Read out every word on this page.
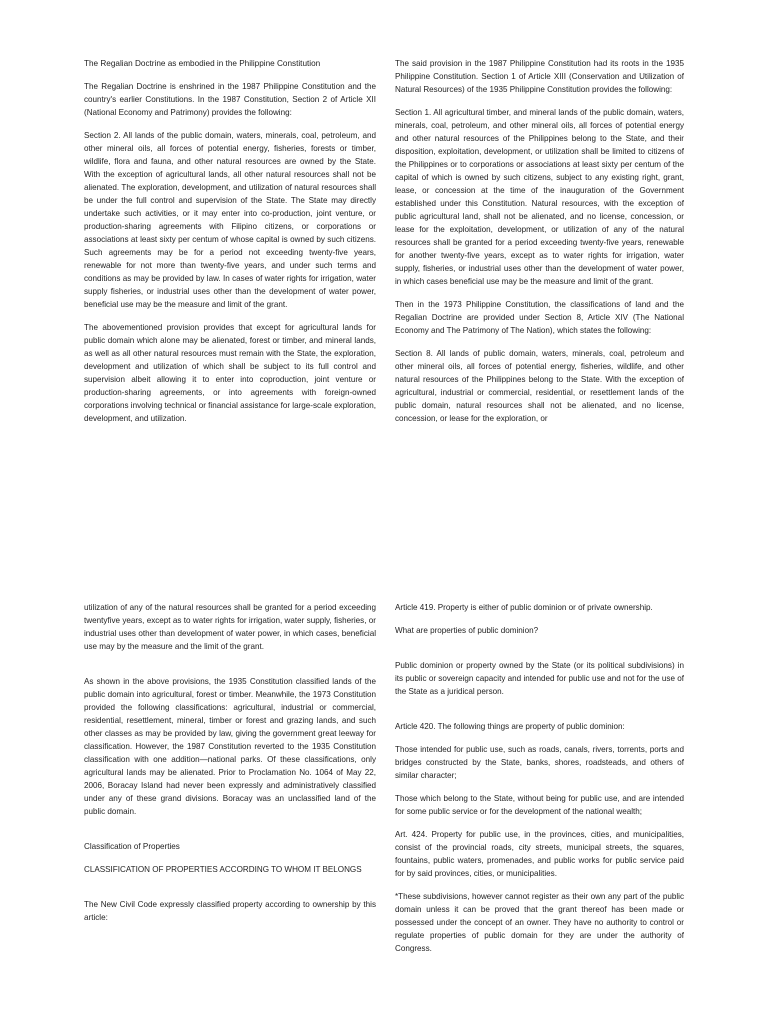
The Regalian Doctrine as embodied in the Philippine Constitution

The Regalian Doctrine is enshrined in the 1987 Philippine Constitution and the country's earlier Constitutions. In the 1987 Constitution, Section 2 of Article XII (National Economy and Patrimony) provides the following:

Section 2. All lands of the public domain, waters, minerals, coal, petroleum, and other mineral oils, all forces of potential energy, fisheries, forests or timber, wildlife, flora and fauna, and other natural resources are owned by the State. With the exception of agricultural lands, all other natural resources shall not be alienated. The exploration, development, and utilization of natural resources shall be under the full control and supervision of the State. The State may directly undertake such activities, or it may enter into co-production, joint venture, or production-sharing agreements with Filipino citizens, or corporations or associations at least sixty per centum of whose capital is owned by such citizens. Such agreements may be for a period not exceeding twenty-five years, renewable for not more than twenty-five years, and under such terms and conditions as may be provided by law. In cases of water rights for irrigation, water supply fisheries, or industrial uses other than the development of water power, beneficial use may be the measure and limit of the grant.

The abovementioned provision provides that except for agricultural lands for public domain which alone may be alienated, forest or timber, and mineral lands, as well as all other natural resources must remain with the State, the exploration, development and utilization of which shall be subject to its full control and supervision albeit allowing it to enter into coproduction, joint venture or production-sharing agreements, or into agreements with foreign-owned corporations involving technical or financial assistance for large-scale exploration, development, and utilization.

The said provision in the 1987 Philippine Constitution had its roots in the 1935 Philippine Constitution. Section 1 of Article XIII (Conservation and Utilization of Natural Resources) of the 1935 Philippine Constitution provides the following:

Section 1. All agricultural timber, and mineral lands of the public domain, waters, minerals, coal, petroleum, and other mineral oils, all forces of potential energy and other natural resources of the Philippines belong to the State, and their disposition, exploitation, development, or utilization shall be limited to citizens of the Philippines or to corporations or associations at least sixty per centum of the capital of which is owned by such citizens, subject to any existing right, grant, lease, or concession at the time of the inauguration of the Government established under this Constitution. Natural resources, with the exception of public agricultural land, shall not be alienated, and no license, concession, or lease for the exploitation, development, or utilization of any of the natural resources shall be granted for a period exceeding twenty-five years, renewable for another twenty-five years, except as to water rights for irrigation, water supply, fisheries, or industrial uses other than the development of water power, in which cases beneficial use may be the measure and limit of the grant.

Then in the 1973 Philippine Constitution, the classifications of land and the Regalian Doctrine are provided under Section 8, Article XIV (The National Economy and The Patrimony of The Nation), which states the following:

Section 8. All lands of public domain, waters, minerals, coal, petroleum and other mineral oils, all forces of potential energy, fisheries, wildlife, and other natural resources of the Philippines belong to the State. With the exception of agricultural, industrial or commercial, residential, or resettlement lands of the public domain, natural resources shall not be alienated, and no license, concession, or lease for the exploration, or

utilization of any of the natural resources shall be granted for a period exceeding twentyfive years, except as to water rights for irrigation, water supply, fisheries, or industrial uses other than development of water power, in which cases, beneficial use may by the measure and the limit of the grant.

As shown in the above provisions, the 1935 Constitution classified lands of the public domain into agricultural, forest or timber. Meanwhile, the 1973 Constitution provided the following classifications: agricultural, industrial or commercial, residential, resettlement, mineral, timber or forest and grazing lands, and such other classes as may be provided by law, giving the government great leeway for classification. However, the 1987 Constitution reverted to the 1935 Constitution classification with one addition—national parks. Of these classifications, only agricultural lands may be alienated. Prior to Proclamation No. 1064 of May 22, 2006, Boracay Island had never been expressly and administratively classified under any of these grand divisions. Boracay was an unclassified land of the public domain.

Classification of Properties

CLASSIFICATION OF PROPERTIES ACCORDING TO WHOM IT BELONGS

The New Civil Code expressly classified property according to ownership by this article:

Article 419. Property is either of public dominion or of private ownership.

What are properties of public dominion?

Public dominion or property owned by the State (or its political subdivisions) in its public or sovereign capacity and intended for public use and not for the use of the State as a juridical person.

Article 420. The following things are property of public dominion:

Those intended for public use, such as roads, canals, rivers, torrents, ports and bridges constructed by the State, banks, shores, roadsteads, and others of similar character;

Those which belong to the State, without being for public use, and are intended for some public service or for the development of the national wealth;

Art. 424. Property for public use, in the provinces, cities, and municipalities, consist of the provincial roads, city streets, municipal streets, the squares, fountains, public waters, promenades, and public works for public service paid for by said provinces, cities, or municipalities.

*These subdivisions, however cannot register as their own any part of the public domain unless it can be proved that the grant thereof has been made or possessed under the concept of an owner. They have no authority to control or regulate properties of public domain for they are under the authority of Congress.
